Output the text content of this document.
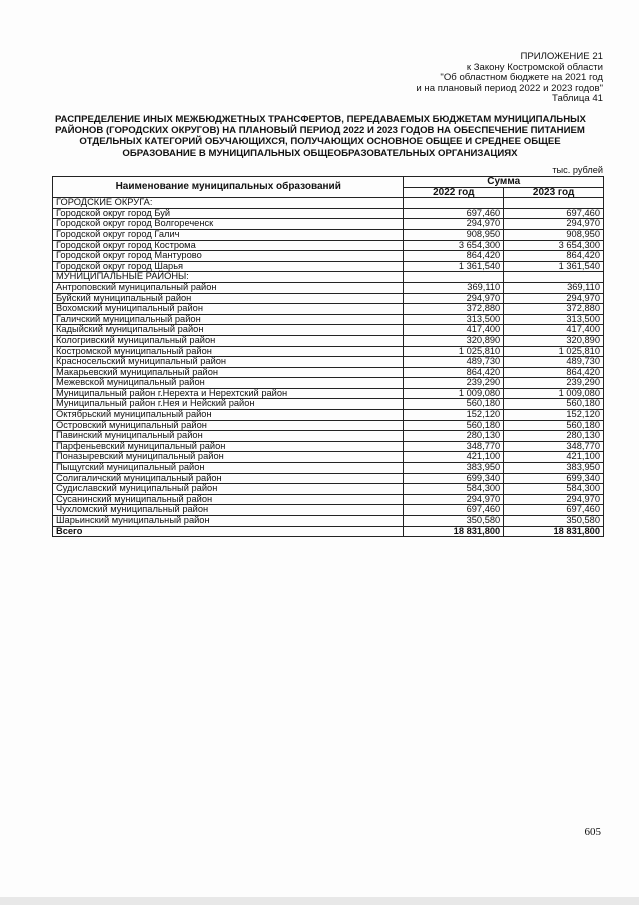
ПРИЛОЖЕНИЕ 21
к Закону Костромской области
"Об областном бюджете на 2021 год
и на плановый период 2022 и 2023 годов"
Таблица 41
РАСПРЕДЕЛЕНИЕ ИНЫХ МЕЖБЮДЖЕТНЫХ ТРАНСФЕРТОВ, ПЕРЕДАВАЕМЫХ БЮДЖЕТАМ МУНИЦИПАЛЬНЫХ
РАЙОНОВ (ГОРОДСКИХ ОКРУГОВ) НА ПЛАНОВЫЙ ПЕРИОД 2022 И 2023 ГОДОВ НА ОБЕСПЕЧЕНИЕ ПИТАНИЕМ
ОТДЕЛЬНЫХ КАТЕГОРИЙ ОБУЧАЮЩИХСЯ, ПОЛУЧАЮЩИХ ОСНОВНОЕ ОБЩЕЕ И СРЕДНЕЕ ОБЩЕЕ
ОБРАЗОВАНИЕ В МУНИЦИПАЛЬНЫХ ОБЩЕОБРАЗОВАТЕЛЬНЫХ ОРГАНИЗАЦИЯХ
тыс. рублей
Наименование муниципальных образований	Сумма	
	2022 год	2023 год
ГОРОДСКИЕ ОКРУГА:		
Городской округ город Буй	697,460	697,460
Городской округ город Волгореченск	294,970	294,970
Городской округ город Галич	908,950	908,950
Городской округ город Кострома	3 654,300	3 654,300
Городской округ город Мантурово	864,420	864,420
Городской округ город Шарья	1 361,540	1 361,540
МУНИЦИПАЛЬНЫЕ РАЙОНЫ:		
Антроповский муниципальный район	369,110	369,110
Буйский муниципальный район	294,970	294,970
Вохомский муниципальный район	372,880	372,880
Галичский муниципальный район	313,500	313,500
Кадыйский муниципальный район	417,400	417,400
Кологривский муниципальный район	320,890	320,890
Костромской муниципальный район	1 025,810	1 025,810
Красносельский муниципальный район	489,730	489,730
Макарьевский муниципальный район	864,420	864,420
Межевской муниципальный район	239,290	239,290
Муниципальный район г.Нерехта и Нерехтский район	1 009,080	1 009,080
Муниципальный район г.Нея и Нейский район	560,180	560,180
Октябрьский муниципальный район	152,120	152,120
Островский муниципальный район	560,180	560,180
Павинский муниципальный район	280,130	280,130
Парфеньевский муниципальный район	348,770	348,770
Поназыревский муниципальный район	421,100	421,100
Пыщугский муниципальный район	383,950	383,950
Солигаличский муниципальный район	699,340	699,340
Судиславский муниципальный район	584,300	584,300
Сусанинский муниципальный район	294,970	294,970
Чухломский муниципальный район	697,460	697,460
Шарьинский муниципальный район	350,580	350,580
Всего	18 831,800	18 831,800
605
